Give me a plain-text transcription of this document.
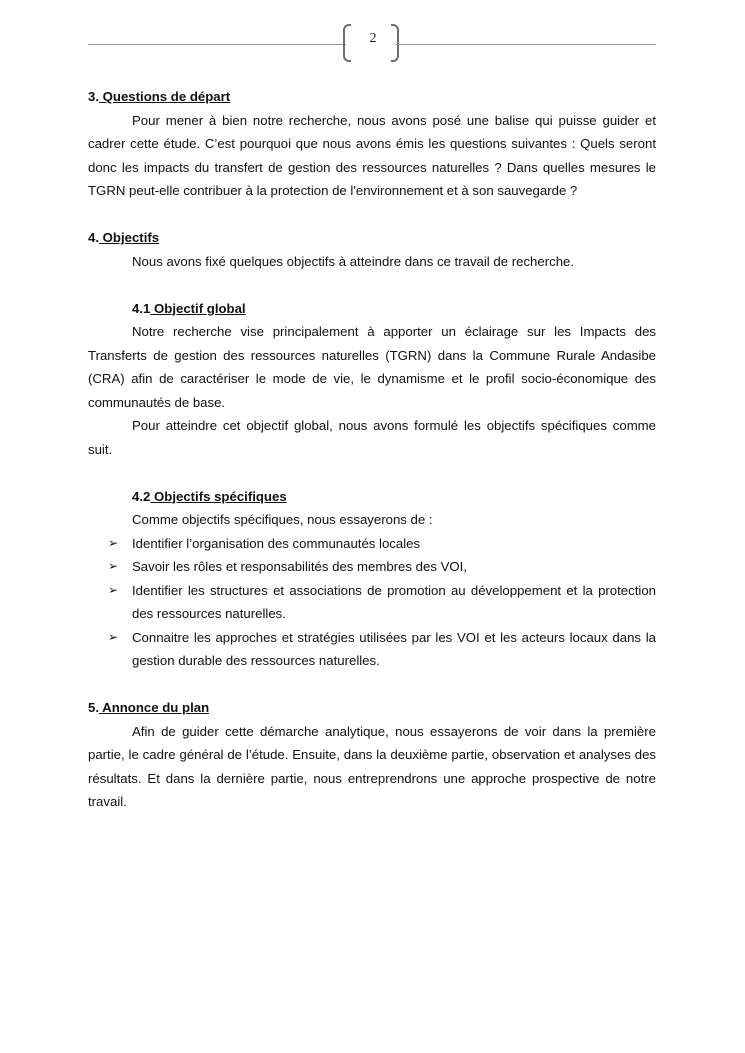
2

3. Questions de départ

Pour mener à bien notre recherche, nous avons posé une balise qui puisse guider et cadrer cette étude. C’est pourquoi que nous avons émis les questions suivantes : Quels seront donc les impacts du transfert de gestion des ressources naturelles ? Dans quelles mesures le TGRN peut-elle contribuer à la protection de l'environnement et à son sauvegarde ?

4. Objectifs

Nous avons fixé quelques objectifs à atteindre dans ce travail de recherche.

4.1 Objectif global

Notre recherche vise principalement à apporter un éclairage sur les Impacts des Transferts de gestion des ressources naturelles (TGRN) dans la Commune Rurale Andasibe (CRA) afin de caractériser le mode de vie, le dynamisme et le profil socio-économique des communautés de base.

Pour atteindre cet objectif global, nous avons formulé les objectifs spécifiques comme suit.

4.2 Objectifs spécifiques

Comme objectifs spécifiques, nous essayerons de :

➢ Identifier l’organisation des communautés locales
➢ Savoir les rôles et responsabilités des membres des VOI,
➢ Identifier les structures et associations de promotion au développement et la protection des ressources naturelles.
➢ Connaitre les approches et stratégies utilisées par les VOI et les acteurs locaux dans la gestion durable des ressources naturelles.

5. Annonce du plan

Afin de guider cette démarche analytique, nous essayerons de voir dans la première partie, le cadre général de l’étude. Ensuite, dans la deuxième partie, observation et analyses des résultats. Et dans la dernière partie, nous entreprendrons une approche prospective de notre travail.
